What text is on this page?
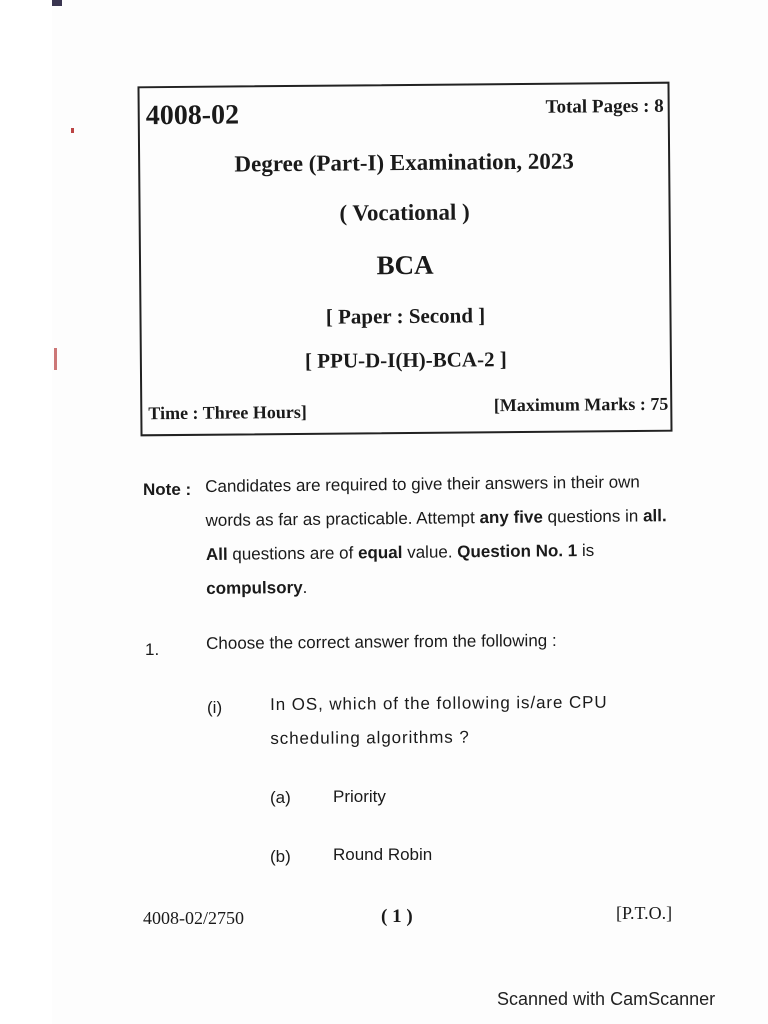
4008-02	Total Pages : 8
Degree (Part-I) Examination, 2023
( Vocational )
BCA
[ Paper : Second ]
[ PPU-D-I(H)-BCA-2 ]
Time : Three Hours]	[Maximum Marks : 75
Note : Candidates are required to give their answers in their own words as far as practicable. Attempt any five questions in all. All questions are of equal value. Question No. 1 is compulsory.
1.	Choose the correct answer from the following :
(i)	In OS, which of the following is/are CPU scheduling algorithms ?
(a) Priority
(b) Round Robin
4008-02/2750	( 1 )	[P.T.O.]
Scanned with CamScanner
